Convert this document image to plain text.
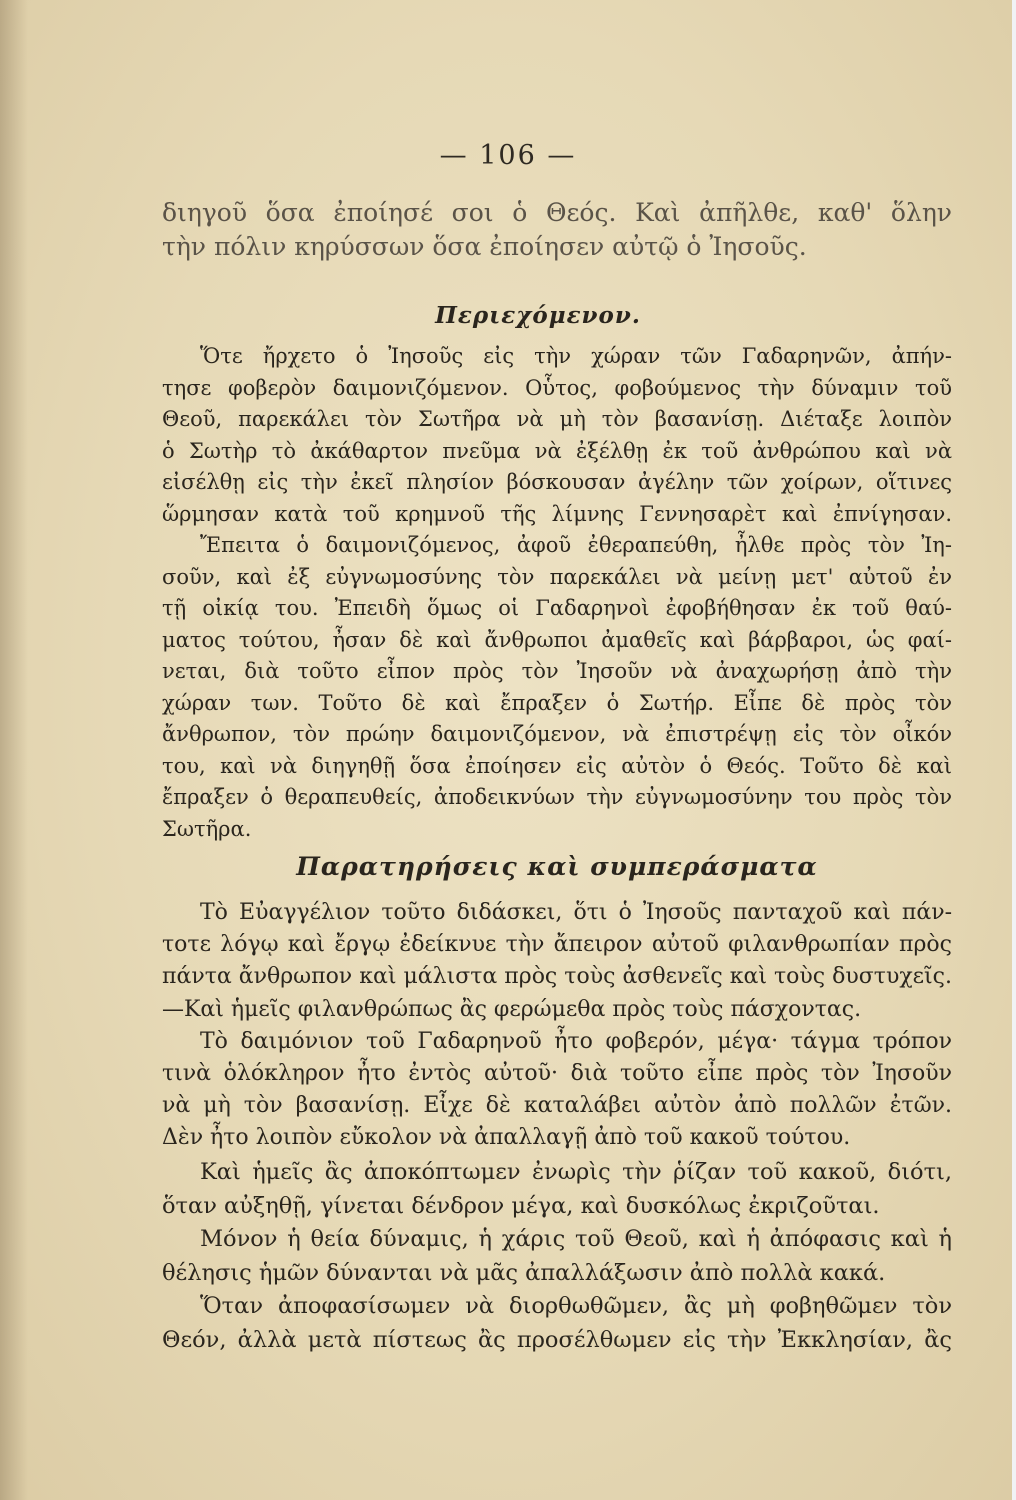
— 106 —
διηγοῦ ὅσα ἐποίησέ σοι ὁ Θεός. Καὶ ἀπῆλθε, καθ' ὅλην
τὴν πόλιν κηρύσσων ὅσα ἐποίησεν αὐτῷ ὁ Ἰησοῦς.
Περιεχόμενον.
Ὅτε ἤρχετο ὁ Ἰησοῦς εἰς τὴν χώραν τῶν Γαδαρηνῶν, ἀπήν-
τησε φοβερὸν δαιμονιζόμενον. Οὗτος, φοβούμενος τὴν δύναμιν τοῦ
Θεοῦ, παρεκάλει τὸν Σωτῆρα νὰ μὴ τὸν βασανίσῃ. Διέταξε λοιπὸν
ὁ Σωτὴρ τὸ ἀκάθαρτον πνεῦμα νὰ ἐξέλθῃ ἐκ τοῦ ἀνθρώπου καὶ νὰ
εἰσέλθῃ εἰς τὴν ἐκεῖ πλησίον βόσκουσαν ἀγέλην τῶν χοίρων, οἵτινες
ὥρμησαν κατὰ τοῦ κρημνοῦ τῆς λίμνης Γεννησαρὲτ καὶ ἐπνίγησαν.
Ἔπειτα ὁ δαιμονιζόμενος, ἀφοῦ ἐθεραπεύθη, ἦλθε πρὸς τὸν Ἰη-
σοῦν, καὶ ἐξ εὐγνωμοσύνης τὸν παρεκάλει νὰ μείνῃ μετ' αὐτοῦ ἐν
τῇ οἰκίᾳ του. Ἐπειδὴ ὅμως οἱ Γαδαρηνοὶ ἐφοβήθησαν ἐκ τοῦ θαύ-
ματος τούτου, ἦσαν δὲ καὶ ἄνθρωποι ἀμαθεῖς καὶ βάρβαροι, ὡς φαί-
νεται, διὰ τοῦτο εἶπον πρὸς τὸν Ἰησοῦν νὰ ἀναχωρήσῃ ἀπὸ τὴν
χώραν των. Τοῦτο δὲ καὶ ἔπραξεν ὁ Σωτήρ. Εἶπε δὲ πρὸς τὸν
ἄνθρωπον, τὸν πρώην δαιμονιζόμενον, νὰ ἐπιστρέψῃ εἰς τὸν οἶκόν
του, καὶ νὰ διηγηθῇ ὅσα ἐποίησεν εἰς αὐτὸν ὁ Θεός. Τοῦτο δὲ καὶ
ἔπραξεν ὁ θεραπευθείς, ἀποδεικνύων τὴν εὐγνωμοσύνην του πρὸς τὸν
Σωτῆρα.
Παρατηρήσεις καὶ συμπεράσματα
Τὸ Εὐαγγέλιον τοῦτο διδάσκει, ὅτι ὁ Ἰησοῦς πανταχοῦ καὶ πάν-
τοτε λόγῳ καὶ ἔργῳ ἐδείκνυε τὴν ἄπειρον αὐτοῦ φιλανθρωπίαν πρὸς
πάντα ἄνθρωπον καὶ μάλιστα πρὸς τοὺς ἀσθενεῖς καὶ τοὺς δυστυχεῖς.
—Καὶ ἡμεῖς φιλανθρώπως ἂς φερώμεθα πρὸς τοὺς πάσχοντας.
Τὸ δαιμόνιον τοῦ Γαδαρηνοῦ ἦτο φοβερόν, μέγα· τάγμα τρόπον
τινὰ ὁλόκληρον ἦτο ἐντὸς αὐτοῦ· διὰ τοῦτο εἶπε πρὸς τὸν Ἰησοῦν
νὰ μὴ τὸν βασανίσῃ. Εἶχε δὲ καταλάβει αὐτὸν ἀπὸ πολλῶν ἐτῶν.
Δὲν ἦτο λοιπὸν εὔκολον νὰ ἀπαλλαγῇ ἀπὸ τοῦ κακοῦ τούτου.
Καὶ ἡμεῖς ἂς ἀποκόπτωμεν ἐνωρὶς τὴν ῥίζαν τοῦ κακοῦ, διότι,
ὅταν αὐξηθῇ, γίνεται δένδρον μέγα, καὶ δυσκόλως ἐκριζοῦται.
Μόνον ἡ θεία δύναμις, ἡ χάρις τοῦ Θεοῦ, καὶ ἡ ἀπόφασις καὶ ἡ
θέλησις ἡμῶν δύνανται νὰ μᾶς ἀπαλλάξωσιν ἀπὸ πολλὰ κακά.
Ὅταν ἀποφασίσωμεν νὰ διορθωθῶμεν, ἂς μὴ φοβηθῶμεν τὸν
Θεόν, ἀλλὰ μετὰ πίστεως ἂς προσέλθωμεν εἰς τὴν Ἐκκλησίαν, ἂς
